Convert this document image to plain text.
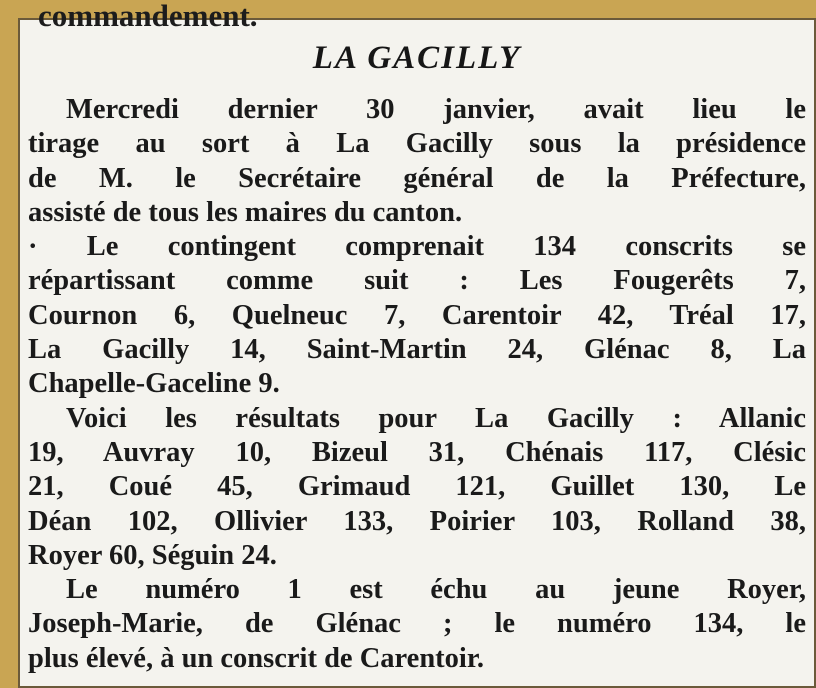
commandement.
LA GACILLY
Mercredi dernier 30 janvier, avait lieu le
tirage au sort à La Gacilly sous la présidence
de M. le Secrétaire général de la Préfecture,
assisté de tous les maires du canton.
· Le contingent comprenait 134 conscrits se
répartissant comme suit : Les Fougerêts 7,
Cournon 6, Quelneuc 7, Carentoir 42, Tréal 17,
La Gacilly 14, Saint-Martin 24, Glénac 8, La
Chapelle-Gaceline 9.
Voici les résultats pour La Gacilly : Allanic
19, Auvray 10, Bizeul 31, Chénais 117, Clésic
21, Coué 45, Grimaud 121, Guillet 130, Le
Déan 102, Ollivier 133, Poirier 103, Rolland 38,
Royer 60, Séguin 24.
Le numéro 1 est échu au jeune Royer,
Joseph-Marie, de Glénac ; le numéro 134, le
plus élevé, à un conscrit de Carentoir.
